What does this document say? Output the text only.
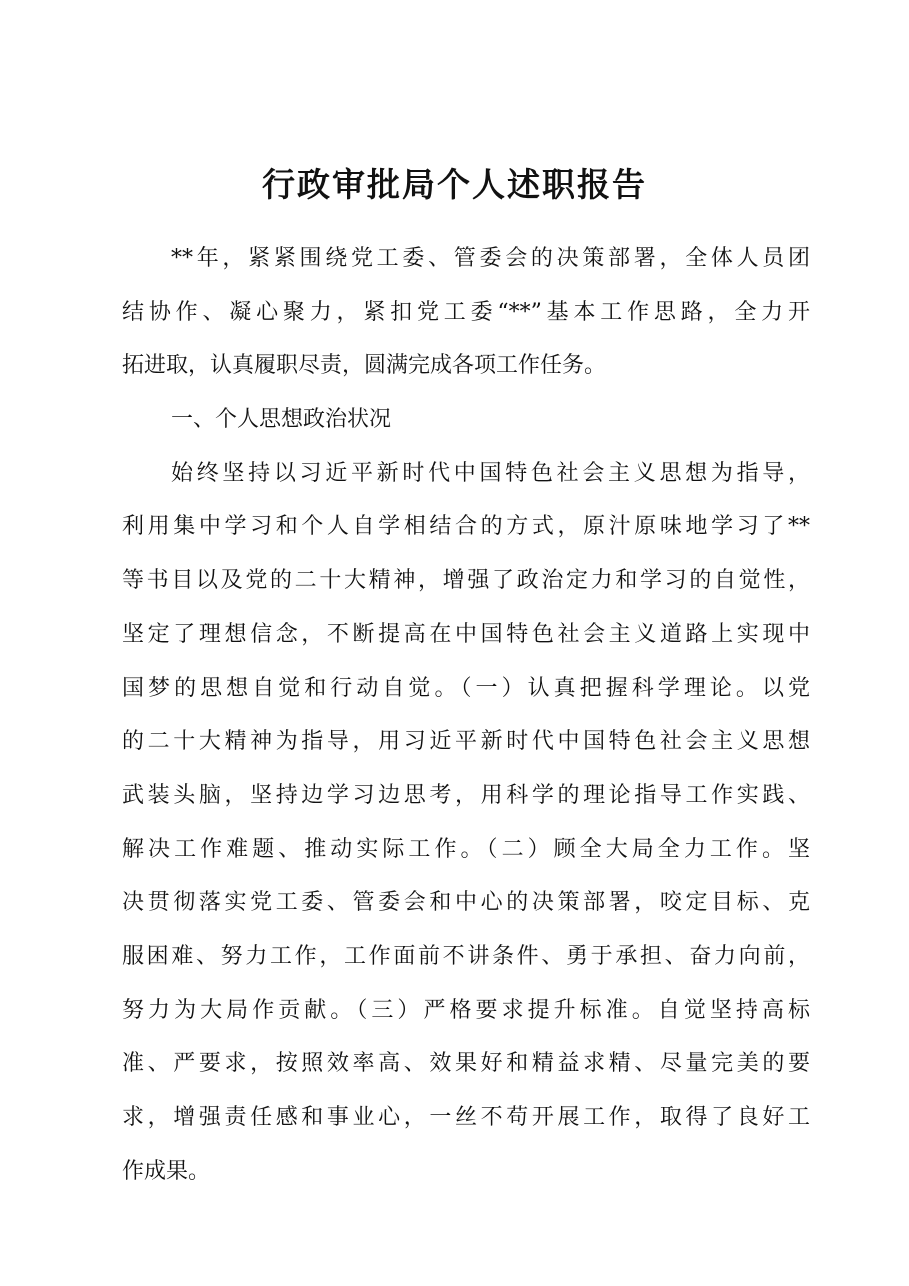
行政审批局个人述职报告
**年，紧紧围绕党工委、管委会的决策部署，全体人员团
结协作、凝心聚力，紧扣党工委“**”基本工作思路，全力开
拓进取，认真履职尽责，圆满完成各项工作任务。
一、个人思想政治状况
始终坚持以习近平新时代中国特色社会主义思想为指导，
利用集中学习和个人自学相结合的方式，原汁原味地学习了**
等书目以及党的二十大精神，增强了政治定力和学习的自觉性，
坚定了理想信念，不断提高在中国特色社会主义道路上实现中
国梦的思想自觉和行动自觉。（一）认真把握科学理论。以党
的二十大精神为指导，用习近平新时代中国特色社会主义思想
武装头脑，坚持边学习边思考，用科学的理论指导工作实践、
解决工作难题、推动实际工作。（二）顾全大局全力工作。坚
决贯彻落实党工委、管委会和中心的决策部署，咬定目标、克
服困难、努力工作，工作面前不讲条件、勇于承担、奋力向前，
努力为大局作贡献。（三）严格要求提升标准。自觉坚持高标
准、严要求，按照效率高、效果好和精益求精、尽量完美的要
求，增强责任感和事业心，一丝不苟开展工作，取得了良好工
作成果。
